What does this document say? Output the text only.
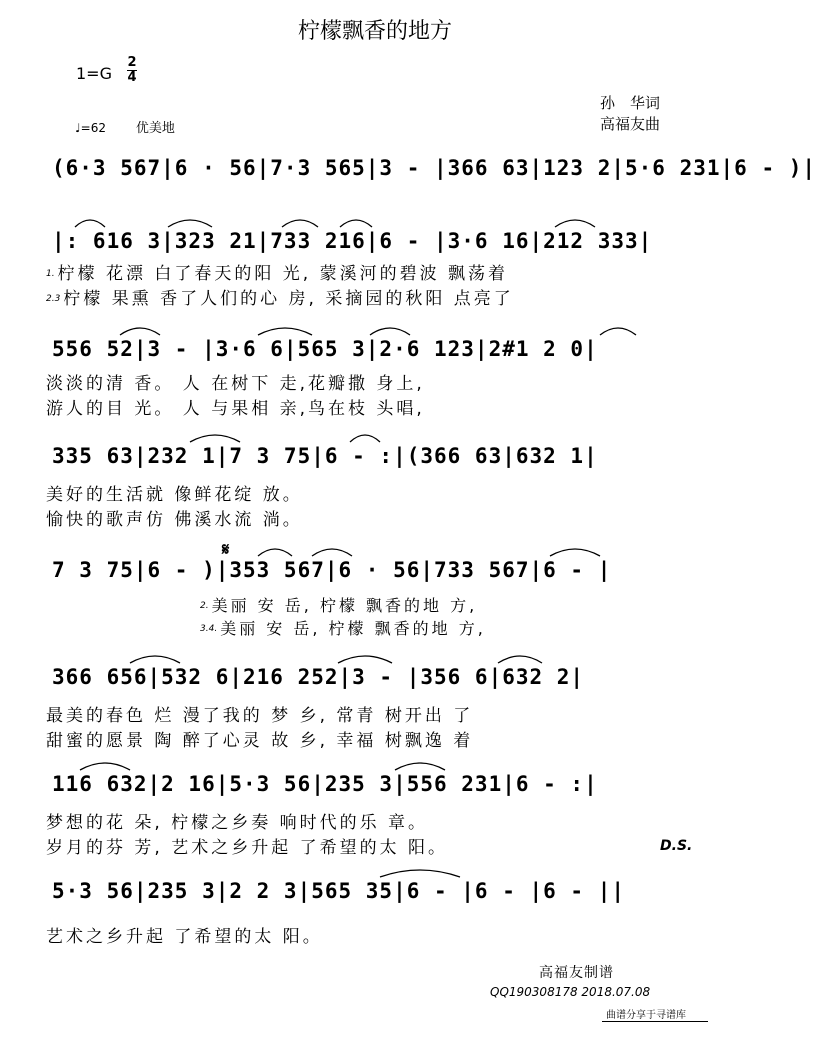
柠檬飘香的地方
1=G
2
4
♩=62 优美地
孙　华词
高福友曲
(6·3 567|6 · 56|7·3 565|3 - |366 63|123 2|5·6 231|6 - )|
|: 616 3|323 21|733 216|6 - |3·6 16|212 333|
556 52|3 - |3·6 6|565 3|2·6 123|2#1 2 0|
335 63|232 1|7 3 75|6 - :|(366 63|632 1|
7 3 75|6 - )|353 567|6 · 56|733 567|6 - |
366 656|532 6|216 252|3 - |356 6|632 2|
116 632|2 16|5·3 56|235 3|556 231|6 - :|
5·3 56|235 3|2 2 3|565 35|6 - |6 - |6 - ||
$^{1.}$ 柠檬 花漂 白了春天的阳 光, 蒙溪河的碧波 飘荡着
$^{2.3}$ 柠檬 果熏 香了人们的心 房, 采摘园的秋阳 点亮了
淡淡的清 香。 人 在树下 走,花瓣撒 身上,
游人的目 光。 人 与果相 亲,鸟在枝 头唱,
美好的生活就 像鲜花绽 放。
愉快的歌声仿 佛溪水流 淌。
$^{2.}$ 美丽 安 岳, 柠檬 飘香的地 方,
$^{3.4.}$ 美丽 安 岳, 柠檬 飘香的地 方,
最美的春色 烂 漫了我的 梦 乡, 常青 树开出 了
甜蜜的愿景 陶 醉了心灵 故 乡, 幸福 树飘逸 着
梦想的花 朵, 柠檬之乡奏 响时代的乐 章。
岁月的芬 芳, 艺术之乡升起 了希望的太 阳。
艺术之乡升起 了希望的太 阳。
D.S.
𝄋
高福友制谱
QQ190308178 2018.07.08
曲谱分享于寻谱库
